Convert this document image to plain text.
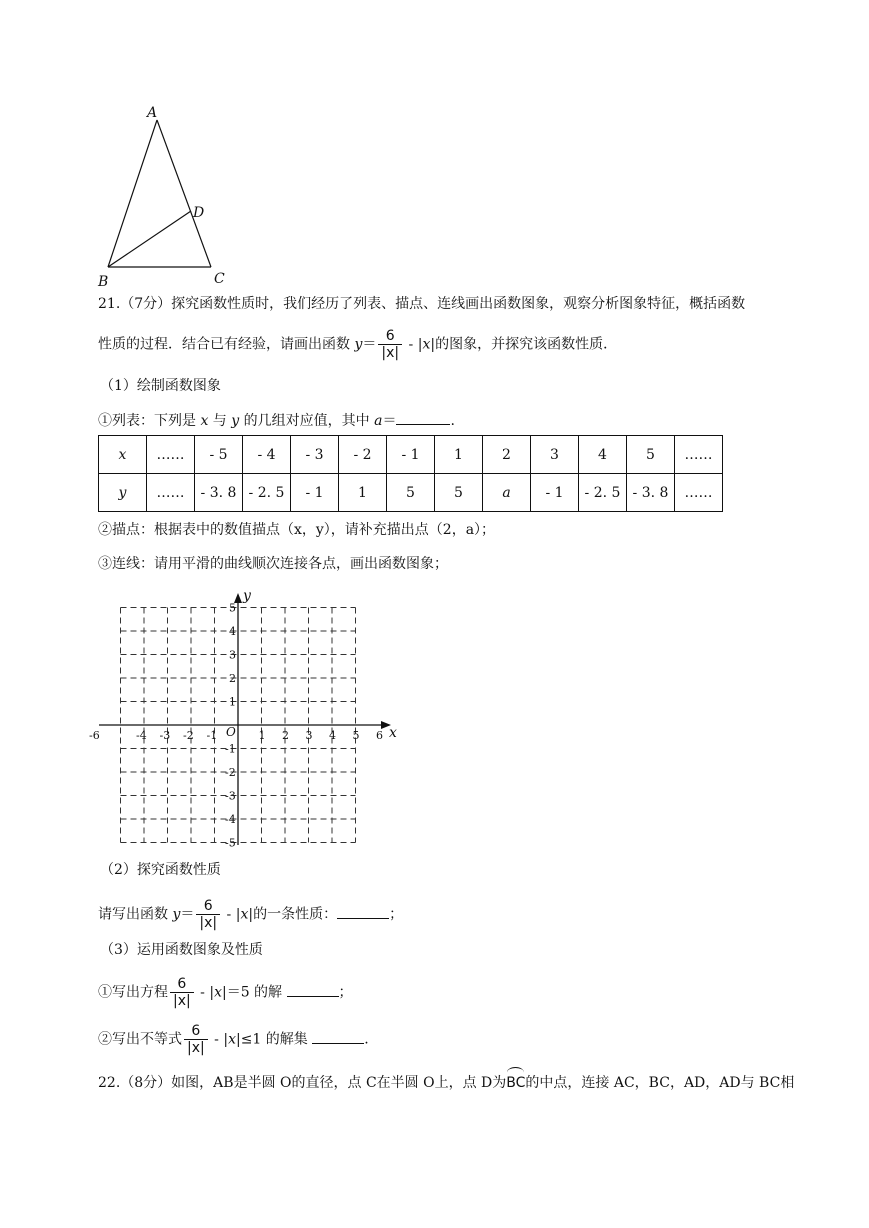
A
D
B	C
21.（7分）探究函数性质时，我们经历了列表、描点、连线画出函数图象，观察分析图象特征，概括函数
性质的过程．结合已有经验，请画出函数 $y= \frac{6}{|x|} - |x|$的图象，并探究该函数性质．
（1）绘制函数图象
①列表：下列是 x 与 y 的几组对应值，其中 a＝	.
x	……	- 5	- 4	- 3	- 2	- 1	1	2	3	4	5	……
y	……	- 3. 8	- 2. 5	- 1	1	5	5	a	- 1	- 2. 5	- 3. 8	……
②描点：根据表中的数值描点（x，y），请补充描出点（2，a）；
③连线：请用平滑的曲线顺次连接各点，画出函数图象；
x
y
O
-6	-4 -3 -2 -1	1 2 3 4 5 6
5
4
3
2
1
-1
-2
-3
-4
-5
（2）探究函数性质
请写出函数 $y= \frac{6}{|x|} - |x|$的一条性质：	；
（3）运用函数图象及性质
①写出方程 $\frac{6}{|x|} - |x|=5$ 的解	；
②写出不等式 $\frac{6}{|x|} - |x|\le 1$ 的解集	.
22.（8分）如图，AB是半圆 O的直径，点 C在半圆 O上，点 D为BC的中点，连接 AC，BC，AD，AD与 BC相
